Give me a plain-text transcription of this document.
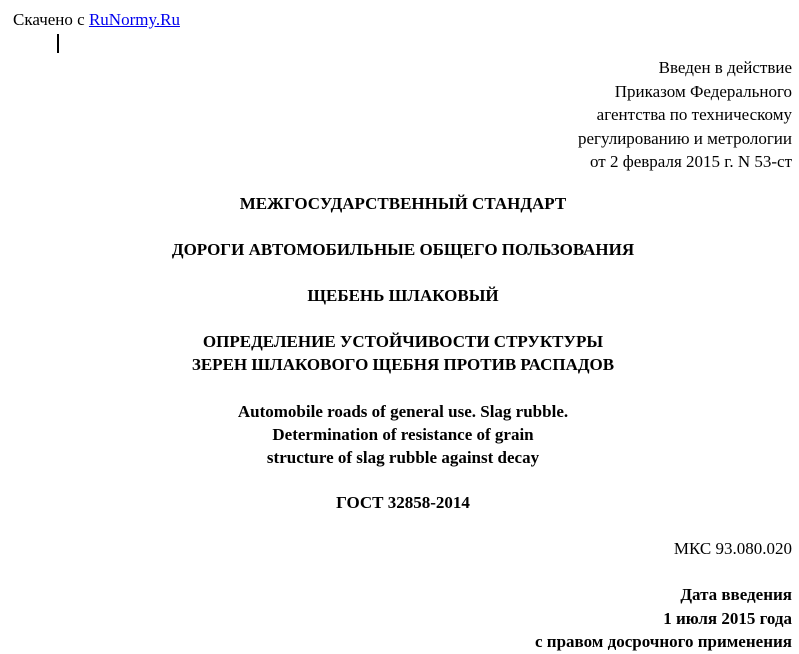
Скачено с RuNormy.Ru
Введен в действие
Приказом Федерального
агентства по техническому
регулированию и метрологии
от 2 февраля 2015 г. N 53-ст
МЕЖГОСУДАРСТВЕННЫЙ СТАНДАРТ
ДОРОГИ АВТОМОБИЛЬНЫЕ ОБЩЕГО ПОЛЬЗОВАНИЯ
ЩЕБЕНЬ ШЛАКОВЫЙ
ОПРЕДЕЛЕНИЕ УСТОЙЧИВОСТИ СТРУКТУРЫ
ЗЕРЕН ШЛАКОВОГО ЩЕБНЯ ПРОТИВ РАСПАДОВ
Automobile roads of general use. Slag rubble.
Determination of resistance of grain
structure of slag rubble against decay
ГОСТ 32858-2014
МКС 93.080.020
Дата введения
1 июля 2015 года
с правом досрочного применения
